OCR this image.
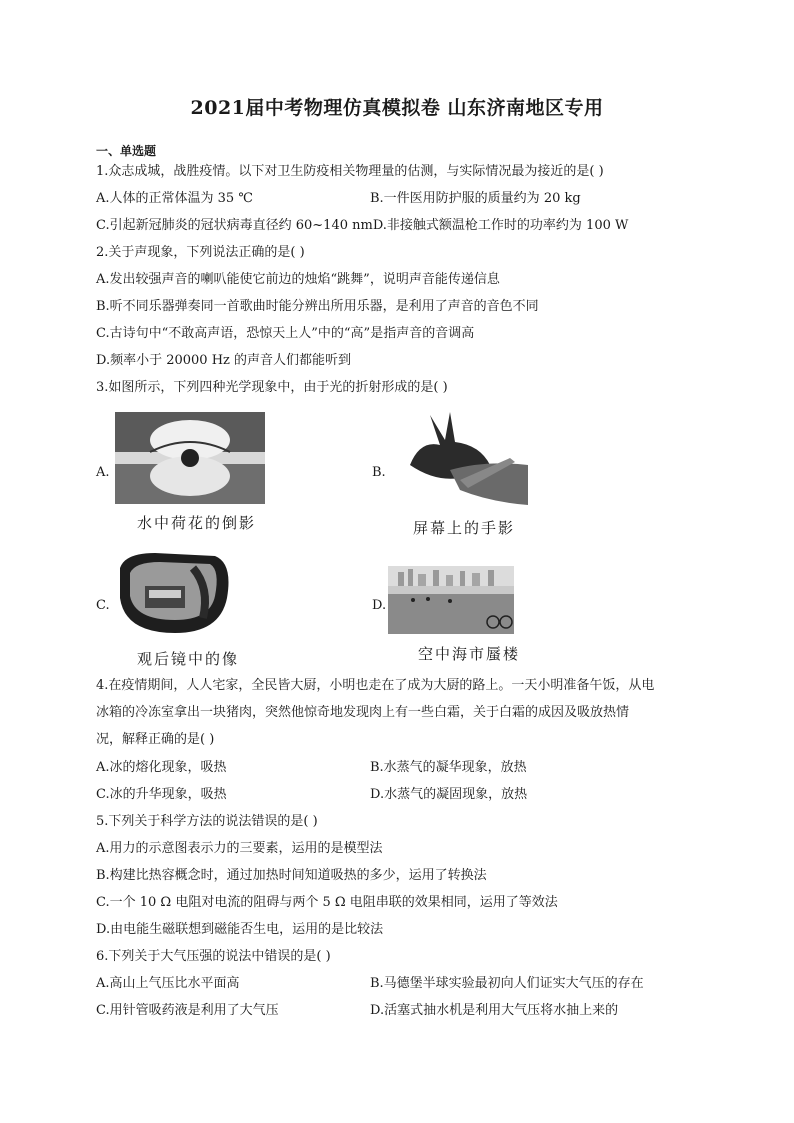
2021届中考物理仿真模拟卷 山东济南地区专用
一、单选题
1.众志成城，战胜疫情。以下对卫生防疫相关物理量的估测，与实际情况最为接近的是( )
A.人体的正常体温为 35 ℃	B.一件医用防护服的质量约为 20 kg
C.引起新冠肺炎的冠状病毒直径约 60~140 nmD.非接触式额温枪工作时的功率约为 100 W
2.关于声现象，下列说法正确的是( )
A.发出较强声音的喇叭能使它前边的烛焰“跳舞”，说明声音能传递信息
B.听不同乐器弹奏同一首歌曲时能分辨出所用乐器，是利用了声音的音色不同
C.古诗句中“不敢高声语，恐惊天上人”中的“高”是指声音的音调高
D.频率小于 20000 Hz 的声音人们都能听到
3.如图所示，下列四种光学现象中，由于光的折射形成的是( )
A.
水中荷花的倒影
B.
屏幕上的手影
C.
观后镜中的像
D.
空中海市蜃楼
4.在疫情期间，人人宅家，全民皆大厨，小明也走在了成为大厨的路上。一天小明准备午饭，从电
冰箱的冷冻室拿出一块猪肉，突然他惊奇地发现肉上有一些白霜，关于白霜的成因及吸放热情
况，解释正确的是( )
A.冰的熔化现象，吸热	B.水蒸气的凝华现象，放热
C.冰的升华现象，吸热	D.水蒸气的凝固现象，放热
5.下列关于科学方法的说法错误的是( )
A.用力的示意图表示力的三要素，运用的是模型法
B.构建比热容概念时，通过加热时间知道吸热的多少，运用了转换法
C.一个 10 Ω 电阻对电流的阻碍与两个 5 Ω 电阻串联的效果相同，运用了等效法
D.由电能生磁联想到磁能否生电，运用的是比较法
6.下列关于大气压强的说法中错误的是( )
A.高山上气压比水平面高	B.马德堡半球实验最初向人们证实大气压的存在
C.用针管吸药液是利用了大气压	D.活塞式抽水机是利用大气压将水抽上来的
